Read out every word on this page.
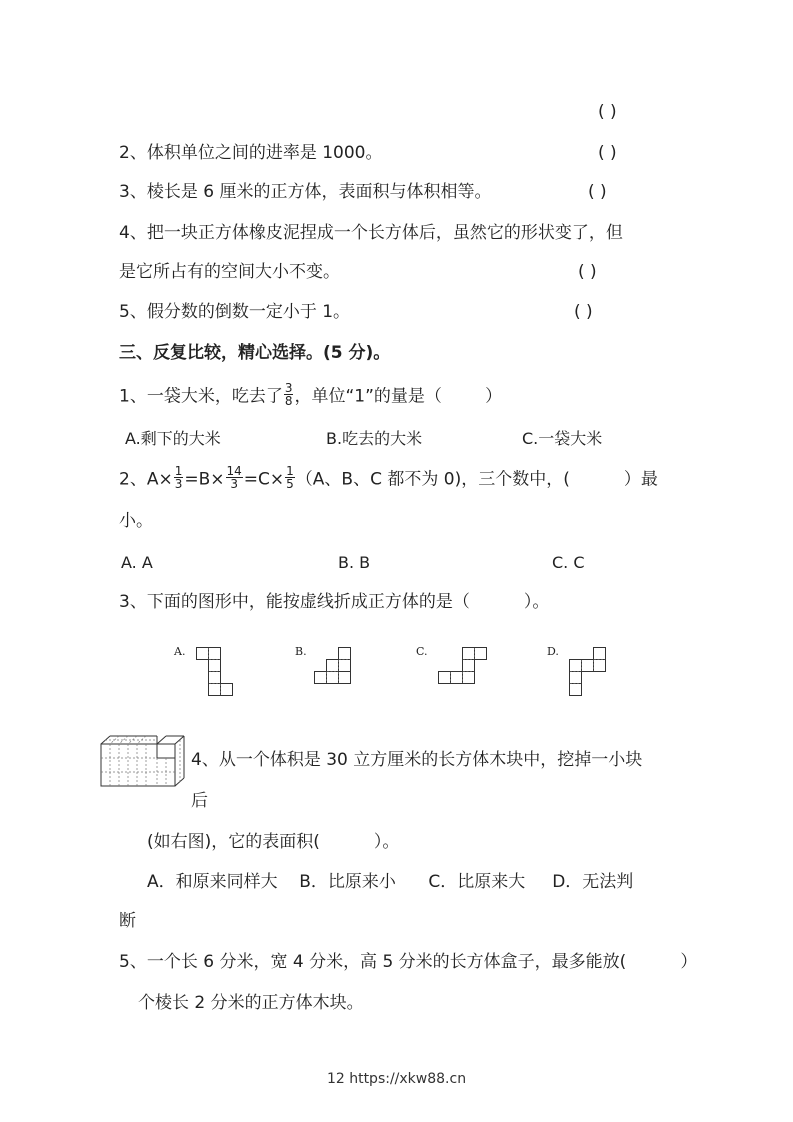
( )
2、体积单位之间的进率是 1000。	( )
3、棱长是 6 厘米的正方体，表面积与体积相等。	( )
4、把一块正方体橡皮泥捏成一个长方体后，虽然它的形状变了，但
是它所占有的空间大小不变。	( )
5、假分数的倒数一定小于 1。	( )
三、反复比较，精心选择。(5 分)。
1、一袋大米，吃去了 $\frac{3}{8}$ ，单位“1”的量是（        ）
A.剩下的大米	B.吃去的大米	C.一袋大米
2、$A\times \frac{1}{3} =B\times \frac{14}{3} =C\times \frac{1}{5} (A$、B、C 都不为 0)，三个数中，(          ）最
小。
A. A	B. B	C. C
3、下面的图形中，能按虚线折成正方体的是（          ）。
A.	B.	C.	D.
4、从一个体积是 30 立方厘米的长方体木块中，挖掉一小块
后
(如右图)，它的表面积(          ）。
A．和原来同样大    B．比原来小      C．比原来大     D．无法判
断
5、一个长 6 分米，宽 4 分米，高 5 分米的长方体盒子，最多能放(          ）
个棱长 2 分米的正方体木块。
12 https://xkw88.cn
